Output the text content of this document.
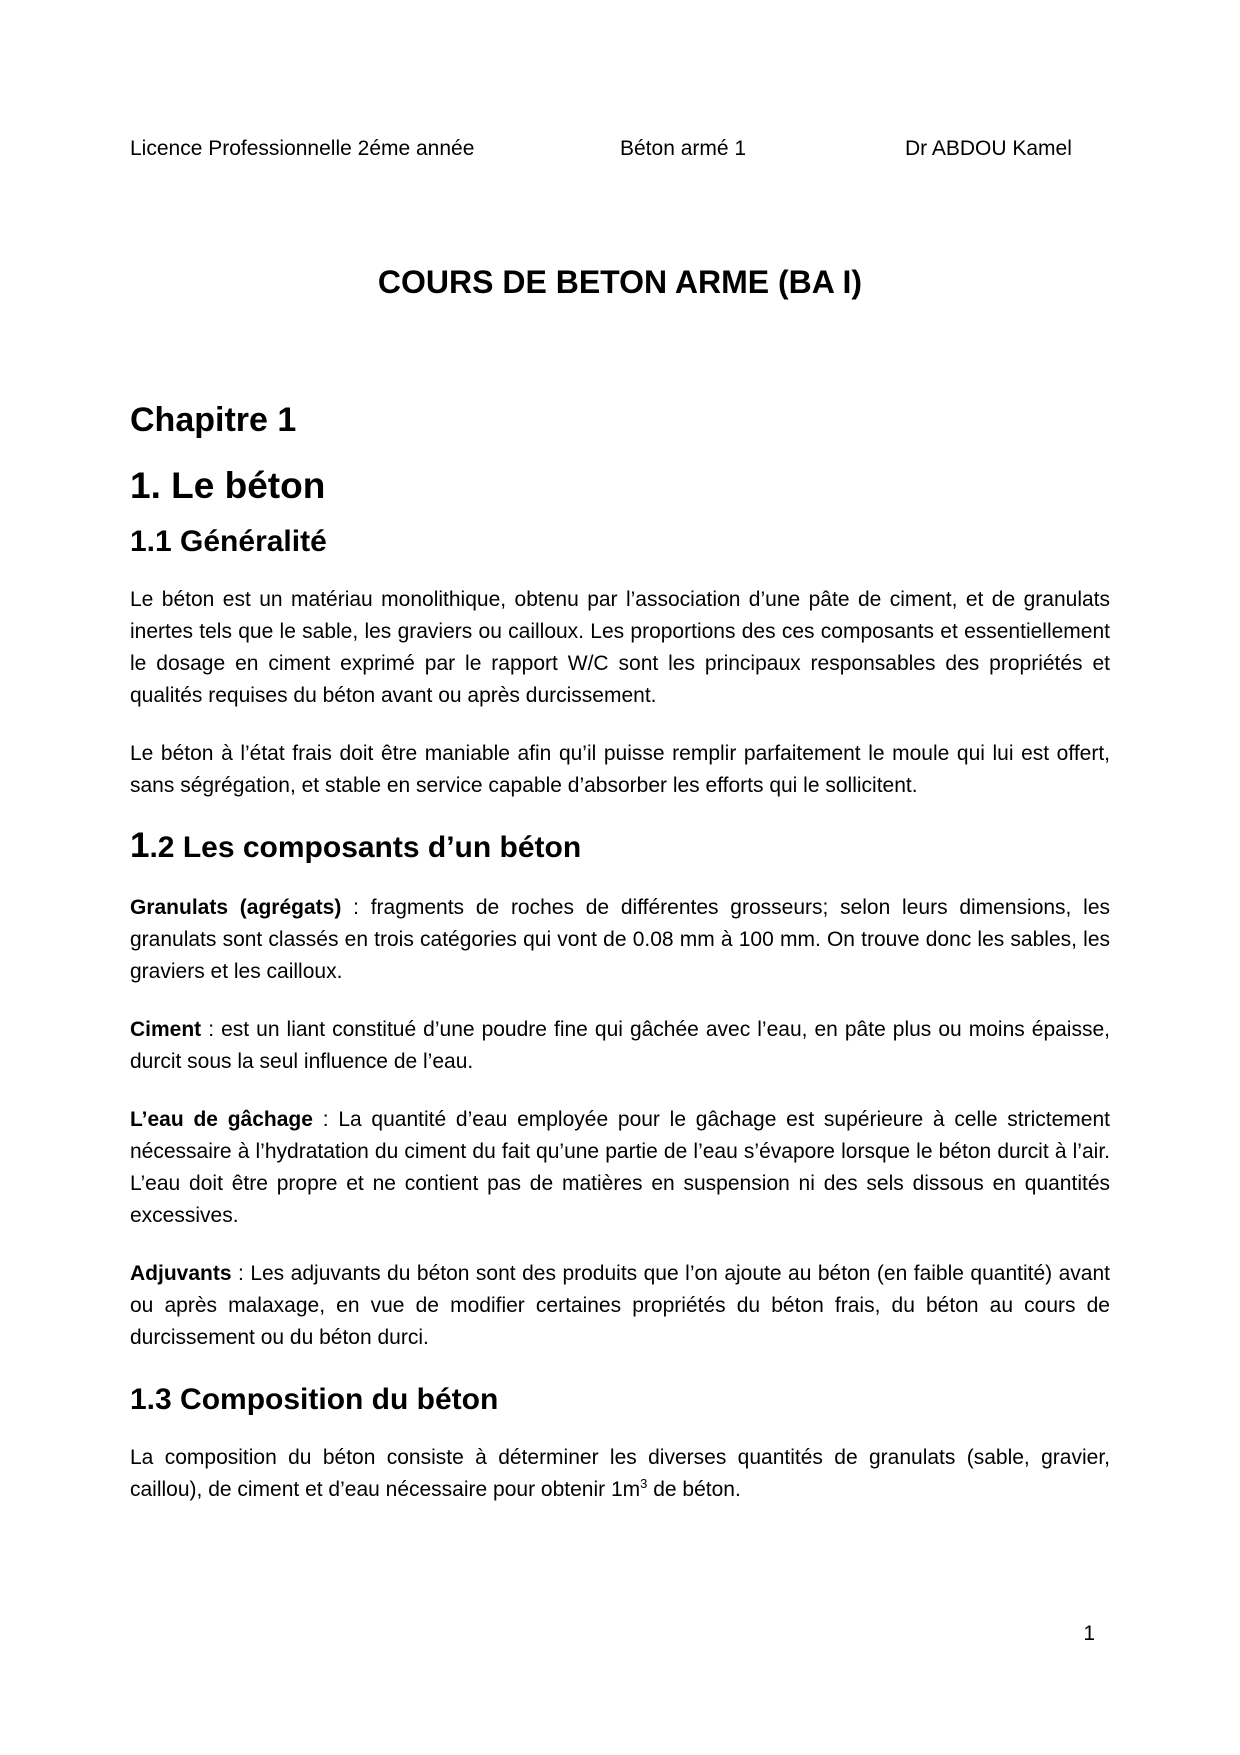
Licence Professionnelle 2éme année	Béton armé 1	Dr ABDOU Kamel
COURS DE BETON ARME (BA I)
Chapitre 1
1. Le béton
1.1 Généralité

Le béton est un matériau monolithique, obtenu par l’association d’une pâte de ciment, et de granulats inertes tels que le sable, les graviers ou cailloux. Les proportions des ces composants et essentiellement le dosage en ciment exprimé par le rapport W/C sont les principaux responsables des propriétés et qualités requises du béton avant ou après durcissement.

Le béton à l’état frais doit être maniable afin qu’il puisse remplir parfaitement le moule qui lui est offert, sans ségrégation, et stable en service capable d’absorber les efforts qui le sollicitent.

1.2 Les composants d’un béton

Granulats (agrégats) : fragments de roches de différentes grosseurs; selon leurs dimensions, les granulats sont classés en trois catégories qui vont de 0.08 mm à 100 mm. On trouve donc les sables, les graviers et les cailloux.

Ciment : est un liant constitué d’une poudre fine qui gâchée avec l’eau, en pâte plus ou moins épaisse, durcit sous la seul influence de l’eau.

L’eau de gâchage : La quantité d’eau employée pour le gâchage est supérieure à celle strictement nécessaire à l’hydratation du ciment du fait qu’une partie de l’eau s’évapore lorsque le béton durcit à l’air. L’eau doit être propre et ne contient pas de matières en suspension ni des sels dissous en quantités excessives.

Adjuvants : Les adjuvants du béton sont des produits que l’on ajoute au béton (en faible quantité) avant ou après malaxage, en vue de modifier certaines propriétés du béton frais, du béton au cours de durcissement ou du béton durci.

1.3 Composition du béton

La composition du béton consiste à déterminer les diverses quantités de granulats (sable, gravier, caillou), de ciment et d’eau nécessaire pour obtenir $1m^3$ de béton.

1
